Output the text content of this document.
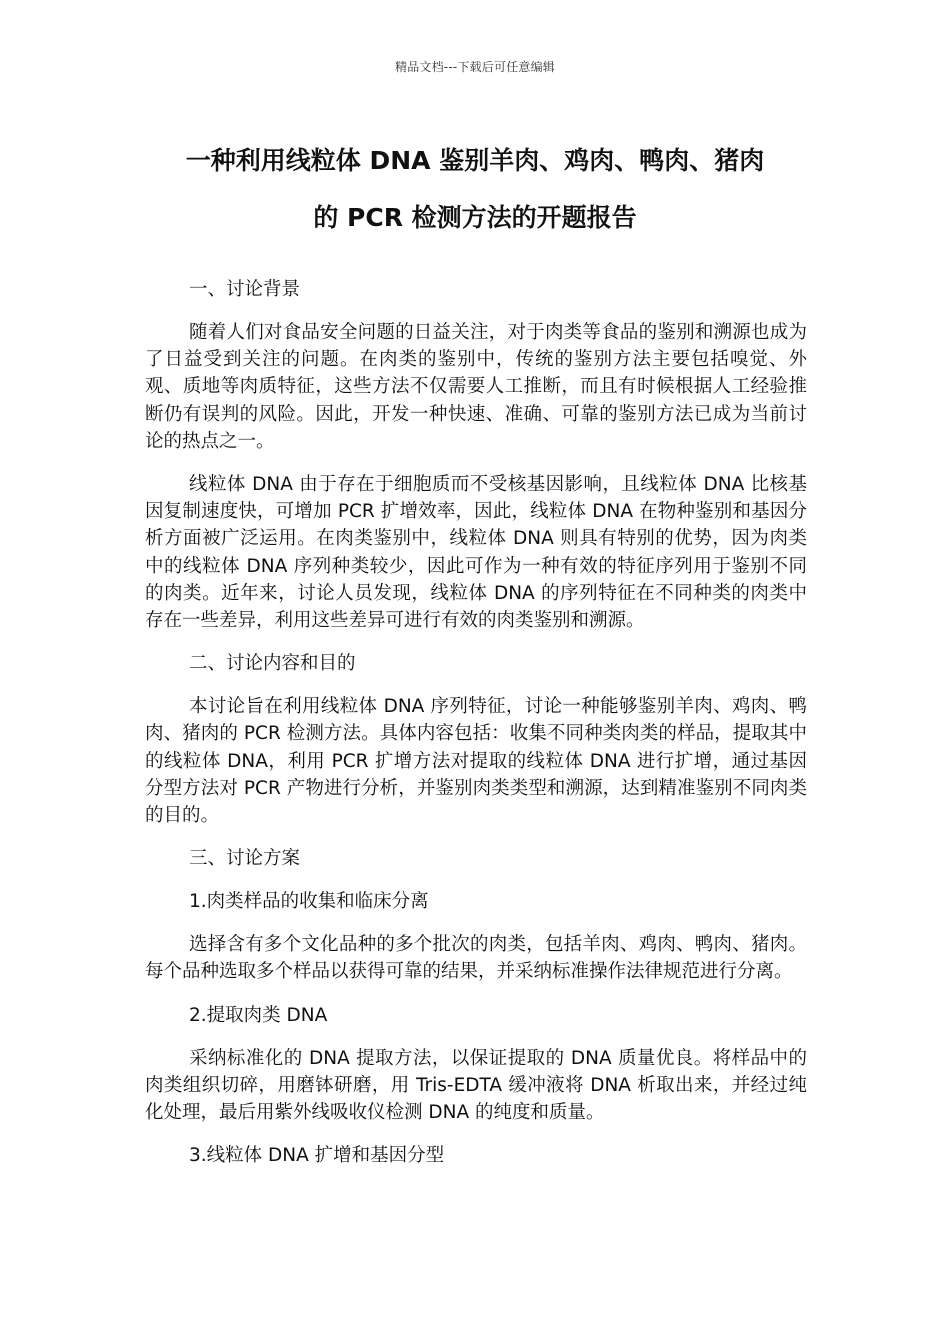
精品文档---下载后可任意编辑
一种利用线粒体 DNA 鉴别羊肉、鸡肉、鸭肉、猪肉
的 PCR 检测方法的开题报告
一、讨论背景

随着人们对食品安全问题的日益关注，对于肉类等食品的鉴别和溯源也成为了日益受到关注的问题。在肉类的鉴别中，传统的鉴别方法主要包括嗅觉、外观、质地等肉质特征，这些方法不仅需要人工推断，而且有时候根据人工经验推断仍有误判的风险。因此，开发一种快速、准确、可靠的鉴别方法已成为当前讨论的热点之一。

线粒体 DNA 由于存在于细胞质而不受核基因影响，且线粒体 DNA 比核基因复制速度快，可增加 PCR 扩增效率，因此，线粒体 DNA 在物种鉴别和基因分析方面被广泛运用。在肉类鉴别中，线粒体 DNA 则具有特别的优势，因为肉类中的线粒体 DNA 序列种类较少，因此可作为一种有效的特征序列用于鉴别不同的肉类。近年来，讨论人员发现，线粒体 DNA 的序列特征在不同种类的肉类中存在一些差异，利用这些差异可进行有效的肉类鉴别和溯源。

二、讨论内容和目的

本讨论旨在利用线粒体 DNA 序列特征，讨论一种能够鉴别羊肉、鸡肉、鸭肉、猪肉的 PCR 检测方法。具体内容包括：收集不同种类肉类的样品，提取其中的线粒体 DNA，利用 PCR 扩增方法对提取的线粒体 DNA 进行扩增，通过基因分型方法对 PCR 产物进行分析，并鉴别肉类类型和溯源，达到精准鉴别不同肉类的目的。

三、讨论方案
1.肉类样品的收集和临床分离

选择含有多个文化品种的多个批次的肉类，包括羊肉、鸡肉、鸭肉、猪肉。每个品种选取多个样品以获得可靠的结果，并采纳标准操作法律规范进行分离。

2.提取肉类 DNA

采纳标准化的 DNA 提取方法，以保证提取的 DNA 质量优良。将样品中的肉类组织切碎，用磨钵研磨，用 Tris-EDTA 缓冲液将 DNA 析取出来，并经过纯化处理，最后用紫外线吸收仪检测 DNA 的纯度和质量。

3.线粒体 DNA 扩增和基因分型
